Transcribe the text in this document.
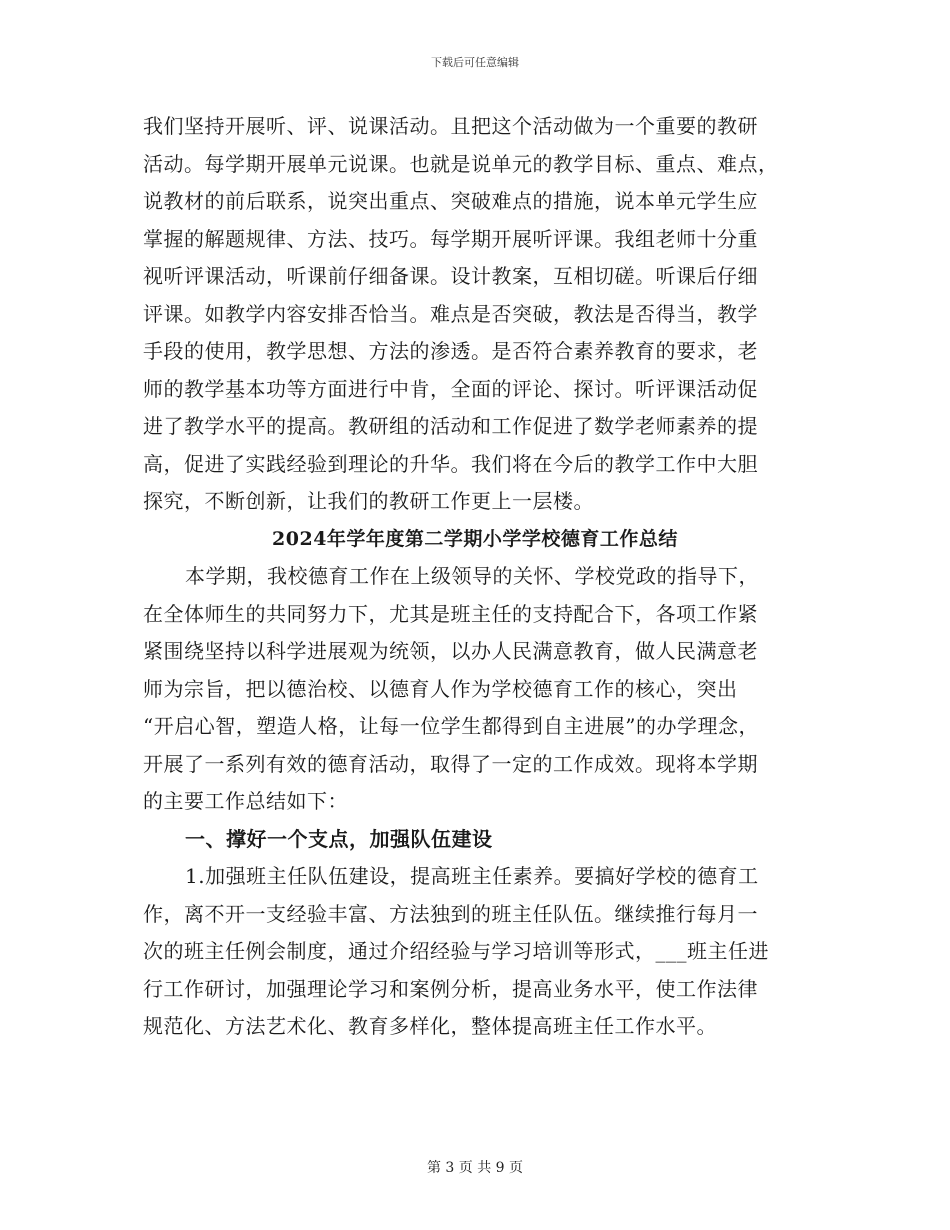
下载后可任意编辑
我们坚持开展听、评、说课活动。且把这个活动做为一个重要的教研
活动。每学期开展单元说课。也就是说单元的教学目标、重点、难点，
说教材的前后联系，说突出重点、突破难点的措施，说本单元学生应
掌握的解题规律、方法、技巧。每学期开展听评课。我组老师十分重
视听评课活动，听课前仔细备课。设计教案，互相切磋。听课后仔细
评课。如教学内容安排否恰当。难点是否突破，教法是否得当，教学
手段的使用，教学思想、方法的渗透。是否符合素养教育的要求，老
师的教学基本功等方面进行中肯，全面的评论、探讨。听评课活动促
进了教学水平的提高。教研组的活动和工作促进了数学老师素养的提
高，促进了实践经验到理论的升华。我们将在今后的教学工作中大胆
探究，不断创新，让我们的教研工作更上一层楼。
2024年学年度第二学期小学学校德育工作总结
本学期，我校德育工作在上级领导的关怀、学校党政的指导下，
在全体师生的共同努力下，尤其是班主任的支持配合下，各项工作紧
紧围绕坚持以科学进展观为统领，以办人民满意教育，做人民满意老
师为宗旨，把以德治校、以德育人作为学校德育工作的核心，突出
“开启心智，塑造人格，让每一位学生都得到自主进展”的办学理念，
开展了一系列有效的德育活动，取得了一定的工作成效。现将本学期
的主要工作总结如下：
一、撑好一个支点，加强队伍建设
1.加强班主任队伍建设，提高班主任素养。要搞好学校的德育工
作，离不开一支经验丰富、方法独到的班主任队伍。继续推行每月一
次的班主任例会制度，通过介绍经验与学习培训等形式，___班主任进
行工作研讨，加强理论学习和案例分析，提高业务水平，使工作法律
规范化、方法艺术化、教育多样化，整体提高班主任工作水平。
第 3 页 共 9 页
